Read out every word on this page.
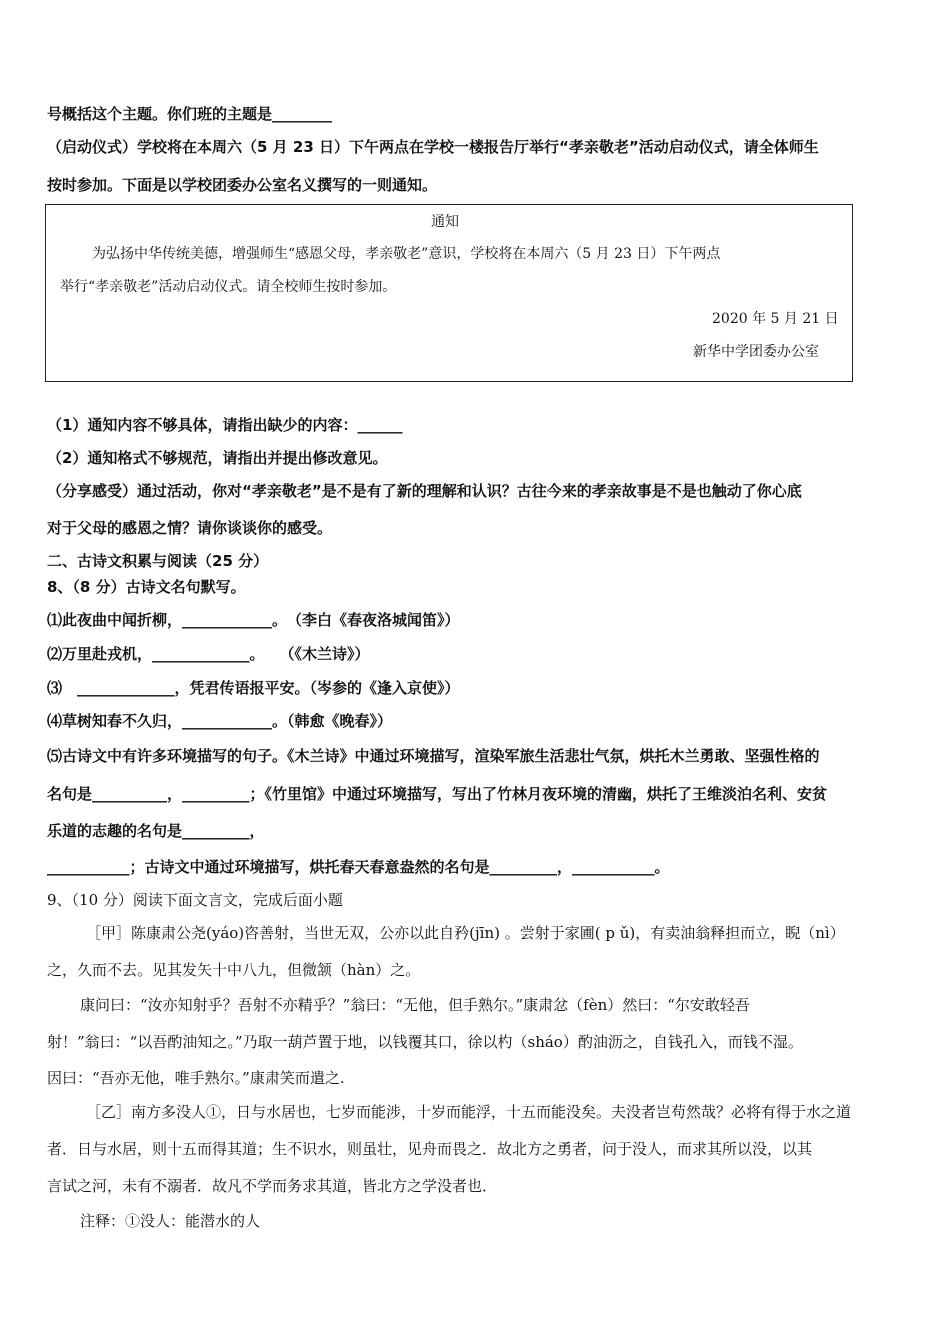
号概括这个主题。你们班的主题是________
（启动仪式）学校将在本周六（5 月 23 日）下午两点在学校一楼报告厅举行“孝亲敬老”活动启动仪式，请全体师生
按时参加。下面是以学校团委办公室名义撰写的一则通知。
通知
为弘扬中华传统美德，增强师生“感恩父母，孝亲敬老”意识，学校将在本周六（5 月 23 日）下午两点
举行“孝亲敬老”活动启动仪式。请全校师生按时参加。
2020 年 5 月 21 日
新华中学团委办公室
（1）通知内容不够具体，请指出缺少的内容：______
（2）通知格式不够规范，请指出并提出修改意见。
（分享感受）通过活动，你对“孝亲敬老”是不是有了新的理解和认识？古往今来的孝亲故事是不是也触动了你心底
对于父母的感恩之情？请你谈谈你的感受。
二、古诗文积累与阅读（25 分）
8、（8 分）古诗文名句默写。
⑴此夜曲中闻折柳，____________。　（李白《春夜洛城闻笛》）
⑵万里赴戎机，_____________。　　（《木兰诗》）
⑶　_____________，凭君传语报平安。（岑参的《逢入京使》）
⑷草树知春不久归，____________。（韩愈《晚春》）
⑸古诗文中有许多环境描写的句子。《木兰诗》中通过环境描写，渲染军旅生活悲壮气氛，烘托木兰勇敢、坚强性格的
名句是__________，_________；《竹里馆》中通过环境描写，写出了竹林月夜环境的清幽，烘托了王维淡泊名利、安贫
乐道的志趣的名句是_________，
___________；古诗文中通过环境描写，烘托春天春意盎然的名句是_________，___________。
9、（10 分）阅读下面文言文，完成后面小题
［甲］陈康肃公尧(yáo)咨善射，当世无双，公亦以此自矜(jīn) 。尝射于家圃( p ǔ)，有卖油翁释担而立，睨（nì）
之，久而不去。见其发矢十中八九，但微颔（hàn）之。
康问曰：“汝亦知射乎？吾射不亦精乎？”翁曰：“无他，但手熟尔。”康肃忿（fèn）然曰：“尔安敢轻吾
射！”翁曰：“以吾酌油知之。”乃取一葫芦置于地，以钱覆其口，徐以杓（sháo）酌油沥之，自钱孔入，而钱不湿。
因曰：“吾亦无他，唯手熟尔。”康肃笑而遣之.
［乙］南方多没人①，日与水居也，七岁而能涉，十岁而能浮，十五而能没矣。夫没者岂苟然哉？必将有得于水之道
者．日与水居，则十五而得其道；生不识水，则虽壮，见舟而畏之．故北方之勇者，问于没人，而求其所以没，以其
言试之河，未有不溺者．故凡不学而务求其道，皆北方之学没者也．
注释：①没人：能潜水的人
